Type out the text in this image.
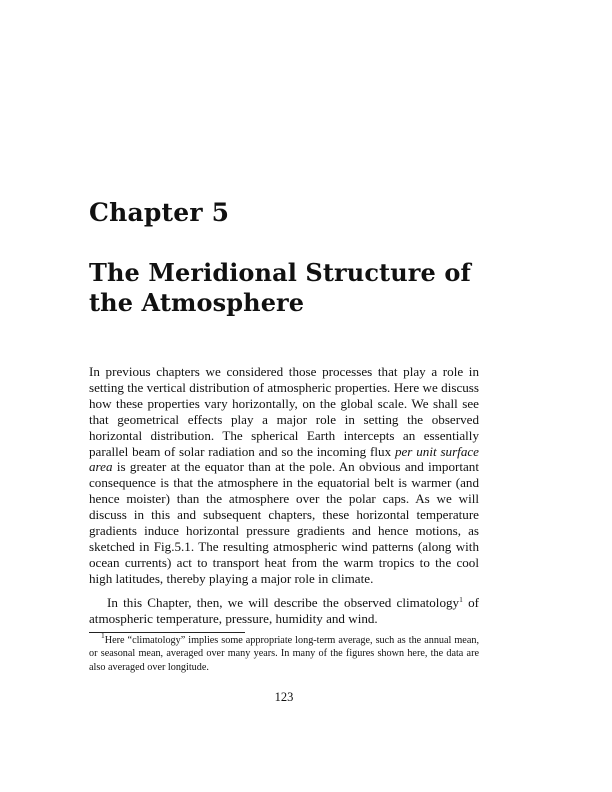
Chapter 5
The Meridional Structure of
the Atmosphere

In previous chapters we considered those processes that play a role in setting the vertical distribution of atmospheric properties. Here we discuss how these properties vary horizontally, on the global scale. We shall see that geometrical effects play a major role in setting the observed horizontal distribution. The spherical Earth intercepts an essentially parallel beam of solar radiation and so the incoming flux per unit surface area is greater at the equator than at the pole. An obvious and important consequence is that the atmosphere in the equatorial belt is warmer (and hence moister) than the atmosphere over the polar caps. As we will discuss in this and subsequent chapters, these horizontal temperature gradients induce horizontal pressure gradients and hence motions, as sketched in Fig.5.1. The resulting atmospheric wind patterns (along with ocean currents) act to transport heat from the warm tropics to the cool high latitudes, thereby playing a major role in climate.

In this Chapter, then, we will describe the observed climatology$^1$ of atmospheric temperature, pressure, humidity and wind.

$^1$Here “climatology” implies some appropriate long-term average, such as the annual mean, or seasonal mean, averaged over many years. In many of the figures shown here, the data are also averaged over longitude.

123
